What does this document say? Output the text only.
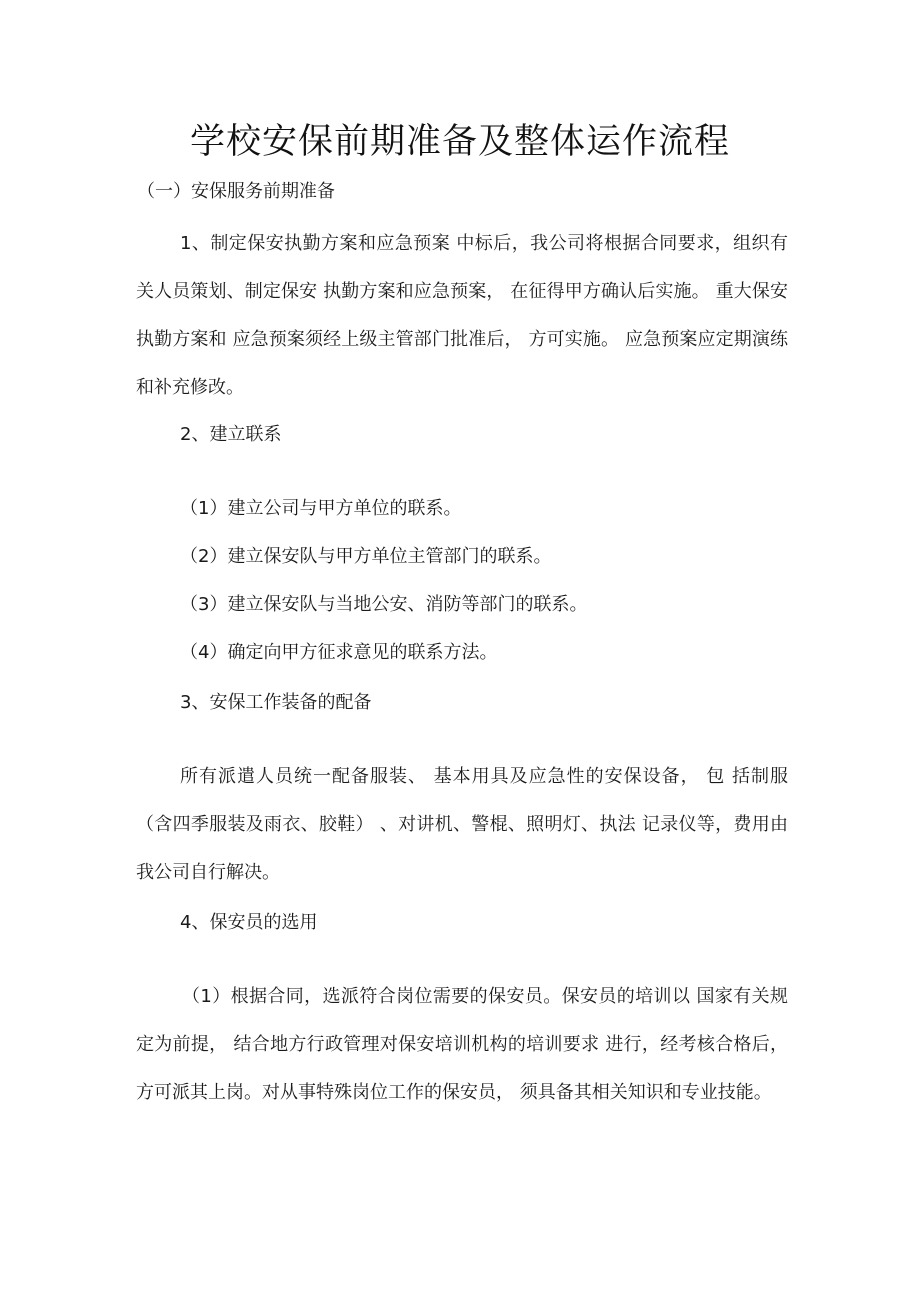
学校安保前期准备及整体运作流程

（一）安保服务前期准备

1、制定保安执勤方案和应急预案 中标后，我公司将根据合同要求，组织有关人员策划、制定保安 执勤方案和应急预案， 在征得甲方确认后实施。 重大保安执勤方案和 应急预案须经上级主管部门批准后， 方可实施。 应急预案应定期演练 和补充修改。

2、建立联系

（1）建立公司与甲方单位的联系。

（2）建立保安队与甲方单位主管部门的联系。

（3）建立保安队与当地公安、消防等部门的联系。

（4）确定向甲方征求意见的联系方法。

3、安保工作装备的配备

所有派遣人员统一配备服装、 基本用具及应急性的安保设备， 包 括制服（含四季服装及雨衣、胶鞋） 、对讲机、警棍、照明灯、执法 记录仪等，费用由我公司自行解决。

4、保安员的选用

（1）根据合同，选派符合岗位需要的保安员。保安员的培训以 国家有关规定为前提， 结合地方行政管理对保安培训机构的培训要求 进行，经考核合格后，方可派其上岗。对从事特殊岗位工作的保安员， 须具备其相关知识和专业技能。
